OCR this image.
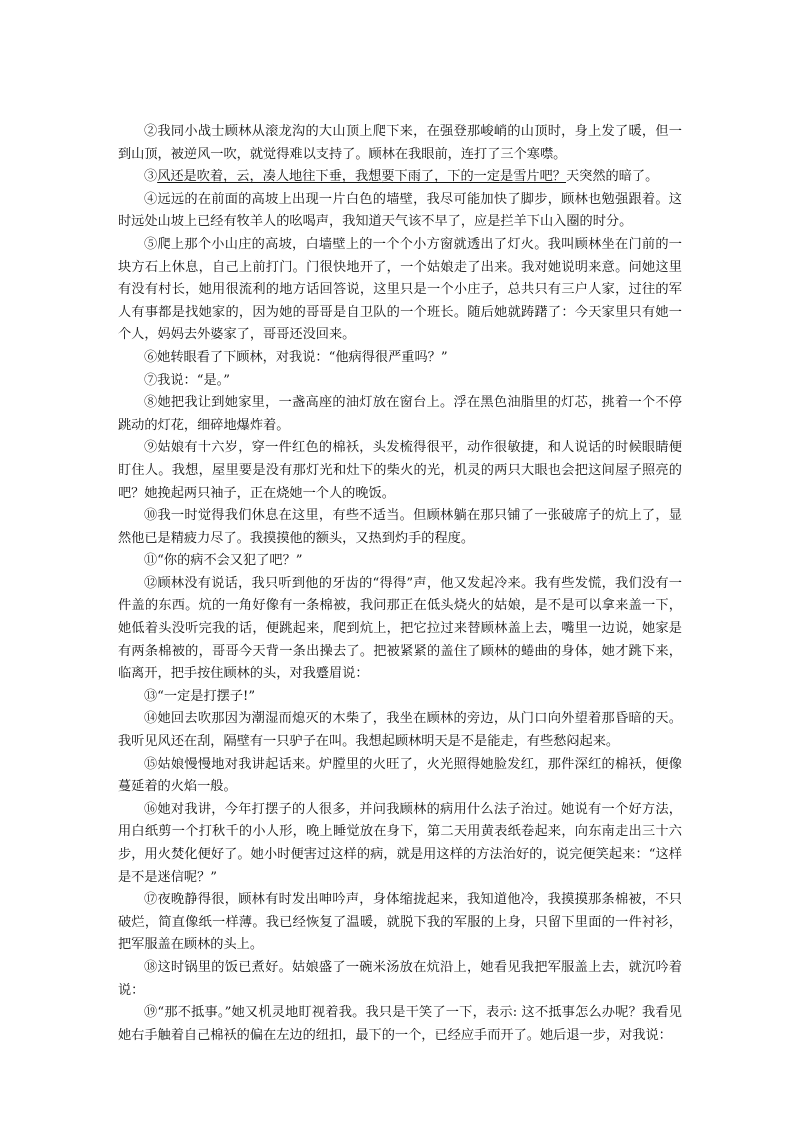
②我同小战士顾林从滚龙沟的大山顶上爬下来，在强登那峻峭的山顶时，身上发了暖，但一到山顶，被逆风一吹，就觉得难以支持了。顾林在我眼前，连打了三个寒噤。

③风还是吹着，云，凑人地往下垂，我想要下雨了，下的一定是雪片吧？天突然的暗了。

④远远的在前面的高坡上出现一片白色的墙壁，我尽可能加快了脚步，顾林也勉强跟着。这时远处山坡上已经有牧羊人的吆喝声，我知道天气该不早了，应是拦羊下山入圈的时分。

⑤爬上那个小山庄的高坡，白墙壁上的一个个小方窗就透出了灯火。我叫顾林坐在门前的一块方石上休息，自己上前打门。门很快地开了，一个姑娘走了出来。我对她说明来意。问她这里有没有村长，她用很流利的地方话回答说，这里只是一个小庄子，总共只有三户人家，过往的军人有事都是找她家的，因为她的哥哥是自卫队的一个班长。随后她就踌躇了：今天家里只有她一个人，妈妈去外婆家了，哥哥还没回来。

⑥她转眼看了下顾林，对我说：“他病得很严重吗？”

⑦我说：“是。”

⑧她把我让到她家里，一盏高座的油灯放在窗台上。浮在黑色油脂里的灯芯，挑着一个不停跳动的灯花，细碎地爆炸着。

⑨姑娘有十六岁，穿一件红色的棉袄，头发梳得很平，动作很敏捷，和人说话的时候眼睛便盯住人。我想，屋里要是没有那灯光和灶下的柴火的光，机灵的两只大眼也会把这间屋子照亮的吧？她挽起两只袖子，正在烧她一个人的晚饭。

⑩我一时觉得我们休息在这里，有些不适当。但顾林躺在那只铺了一张破席子的炕上了，显然他已是精疲力尽了。我摸摸他的额头，又热到灼手的程度。

⑪“你的病不会又犯了吧？”

⑫顾林没有说话，我只听到他的牙齿的“得得”声，他又发起冷来。我有些发慌，我们没有一件盖的东西。炕的一角好像有一条棉被，我问那正在低头烧火的姑娘，是不是可以拿来盖一下，她低着头没听完我的话，便跳起来，爬到炕上，把它拉过来替顾林盖上去，嘴里一边说，她家是有两条棉被的，哥哥今天背一条出操去了。把被紧紧的盖住了顾林的蜷曲的身体，她才跳下来，临离开，把手按住顾林的头，对我蹙眉说：

⑬“一定是打摆子!”

⑭她回去吹那因为潮湿而熄灭的木柴了，我坐在顾林的旁边，从门口向外望着那昏暗的天。我听见风还在刮，隔壁有一只驴子在叫。我想起顾林明天是不是能走，有些愁闷起来。

⑮姑娘慢慢地对我讲起话来。炉膛里的火旺了，火光照得她脸发红，那件深红的棉袄，便像蔓延着的火焰一般。

⑯她对我讲，今年打摆子的人很多，并问我顾林的病用什么法子治过。她说有一个好方法，用白纸剪一个打秋千的小人形，晚上睡觉放在身下，第二天用黄表纸卷起来，向东南走出三十六步，用火焚化便好了。她小时便害过这样的病，就是用这样的方法治好的，说完便笑起来：“这样是不是迷信呢？”

⑰夜晚静得很，顾林有时发出呻吟声，身体缩拢起来，我知道他冷，我摸摸那条棉被，不只破烂，简直像纸一样薄。我已经恢复了温暖，就脱下我的军服的上身，只留下里面的一件衬衫，把军服盖在顾林的头上。

⑱这时锅里的饭已煮好。姑娘盛了一碗米汤放在炕沿上，她看见我把军服盖上去，就沉吟着说：

⑲“那不抵事。”她又机灵地盯视着我。我只是干笑了一下，表示: 这不抵事怎么办呢？我看见她右手触着自己棉袄的偏在左边的纽扣，最下的一个，已经应手而开了。她后退一步，对我说：
